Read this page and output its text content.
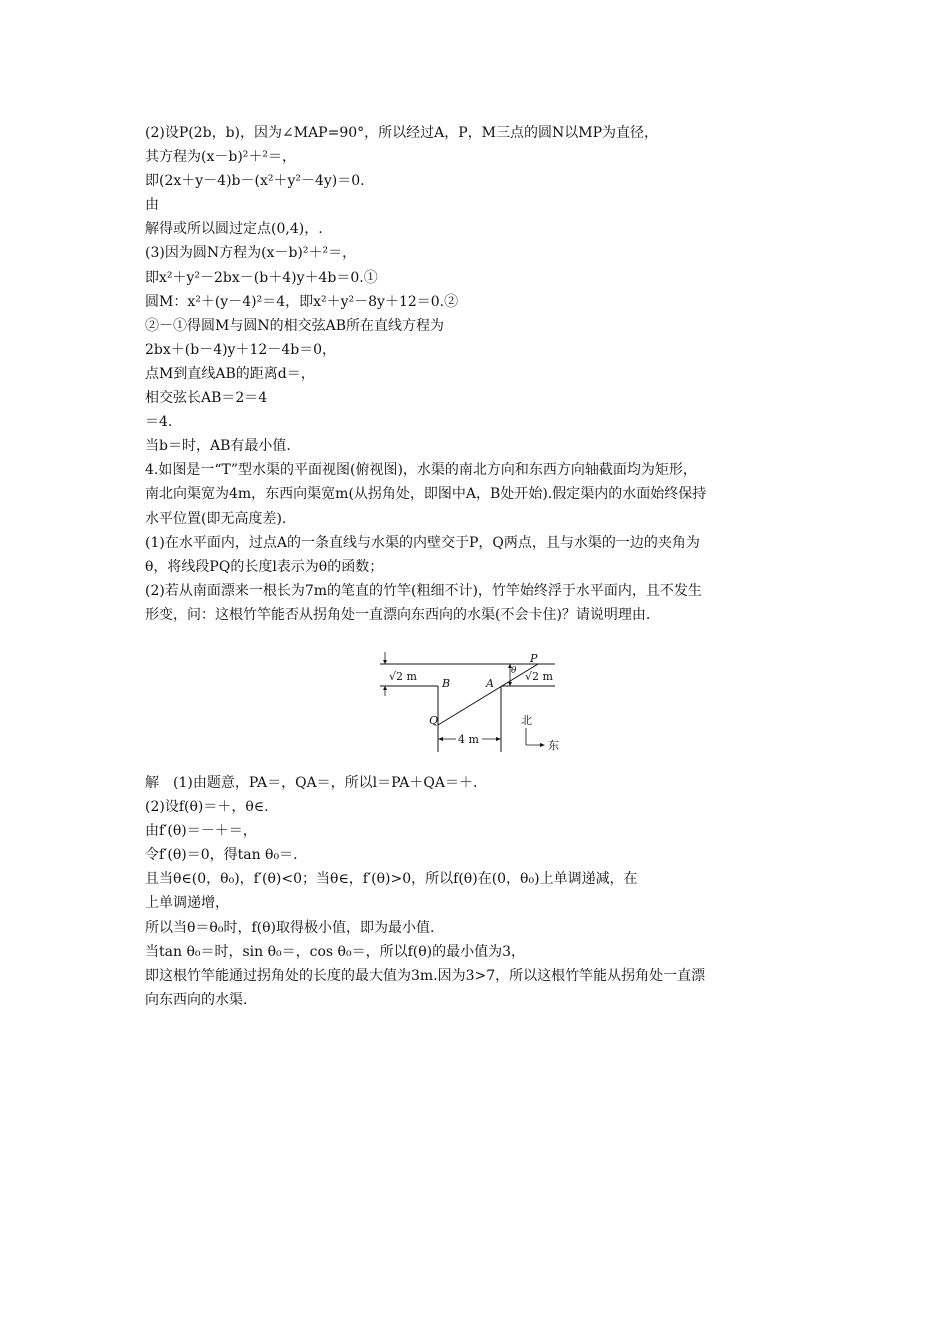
(2)设P(2b，b)，因为∠MAP=90°，所以经过A，P，M三点的圆N以MP为直径，
其方程为(x－b)²＋²＝，
即(2x＋y－4)b－(x²＋y²－4y)＝0.
由
解得或所以圆过定点(0,4)，.
(3)因为圆N方程为(x－b)²＋²＝，
即x²＋y²－2bx－(b＋4)y＋4b＝0.①
圆M：x²＋(y－4)²＝4，即x²＋y²－8y＋12＝0.②
②－①得圆M与圆N的相交弦AB所在直线方程为
2bx＋(b－4)y＋12－4b＝0，
点M到直线AB的距离d＝，
相交弦长AB＝2＝4
＝4.
当b＝时，AB有最小值.
4.如图是一“T”型水渠的平面视图(俯视图)，水渠的南北方向和东西方向轴截面均为矩形，
南北向渠宽为4m，东西向渠宽m(从拐角处，即图中A，B处开始).假定渠内的水面始终保持
水平位置(即无高度差).
(1)在水平面内，过点A的一条直线与水渠的内壁交于P，Q两点，且与水渠的一边的夹角为
θ，将线段PQ的长度l表示为θ的函数；
(2)若从南面漂来一根长为7m的笔直的竹竿(粗细不计)，竹竿始终浮于水平面内，且不发生
形变，问：这根竹竿能否从拐角处一直漂向东西向的水渠(不会卡住)？请说明理由.
解　(1)由题意，PA＝，QA＝，所以l＝PA＋QA＝＋.
(2)设f(θ)＝＋，θ∈.
由f′(θ)＝－＋＝，
令f′(θ)＝0，得tan θ₀＝.
且当θ∈(0，θ₀)，f′(θ)<0；当θ∈，f′(θ)>0，所以f(θ)在(0，θ₀)上单调递减，在
上单调递增，
所以当θ＝θ₀时，f(θ)取得极小值，即为最小值.
当tan θ₀＝时，sin θ₀＝，cos θ₀＝，所以f(θ)的最小值为3，
即这根竹竿能通过拐角处的长度的最大值为3m.因为3>7，所以这根竹竿能从拐角处一直漂
向东西向的水渠.
√2 m	√2 m
B	A
P
Q
θ
4 m
北
东
